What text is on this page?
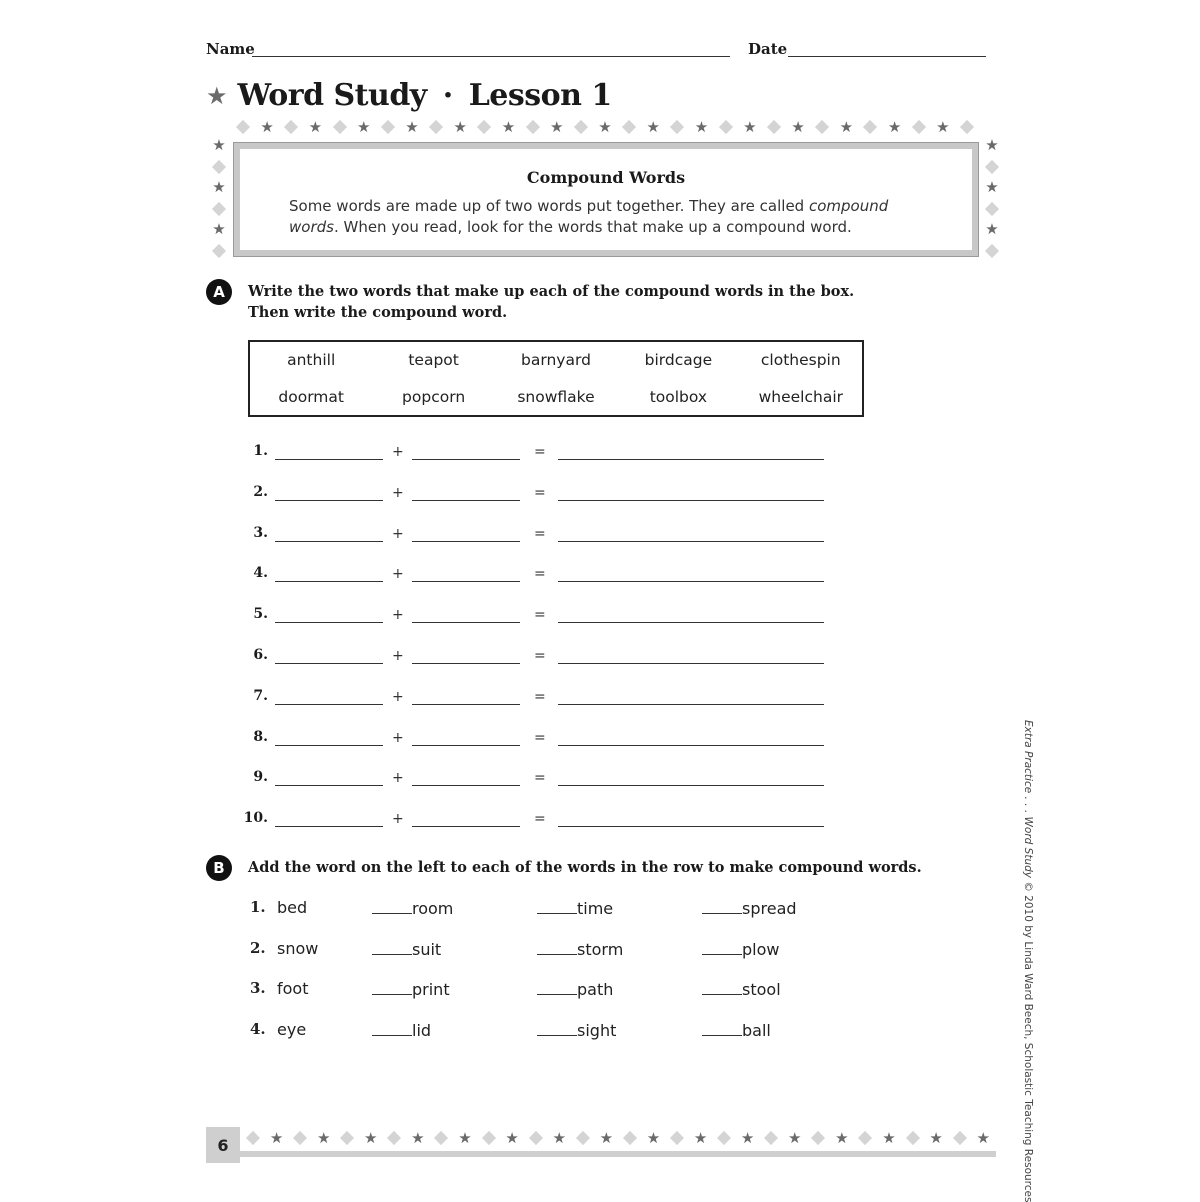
Name	Date
★ Word Study · Lesson 1
★ ★ ★ ★ ★ ★ ★ ★ ★ ★ ★ ★ ★ ★ ★
★
★
★
★
★
★
Compound Words
Some words are made up of two words put together. They are called compound words. When you read, look for the words that make up a compound word.
A	Write the two words that make up each of the compound words in the box.
Then write the compound word.
anthill	teapot	barnyard	birdcage	clothespin
doormat	popcorn	snowflake	toolbox	wheelchair
1.	+	=
2.	+	=
3.	+	=
4.	+	=
5.	+	=
6.	+	=
7.	+	=
8.	+	=
9.	+	=
10.	+	=
B	Add the word on the left to each of the words in the row to make compound words.
1. bed	room	time	spread
2. snow	suit	storm	plow
3. foot	print	path	stool
4. eye	lid	sight	ball
6	★ ★ ★ ★ ★ ★ ★ ★ ★ ★ ★ ★ ★ ★ ★ ★
Extra Practice . . . Word Study © 2010 by Linda Ward Beech, Scholastic Teaching Resources
